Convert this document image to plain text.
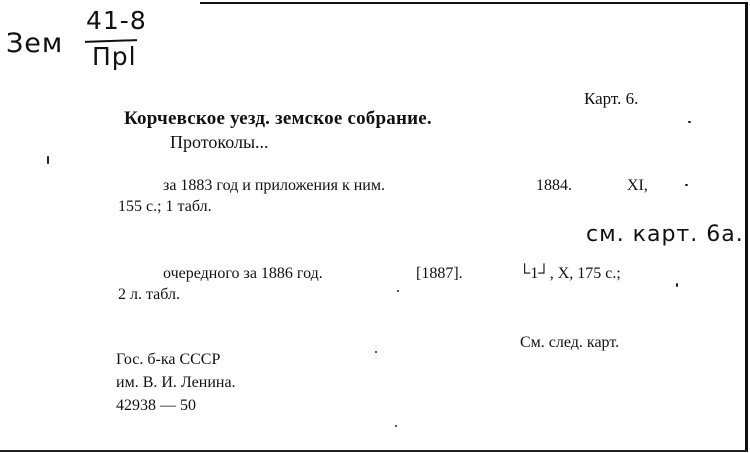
Зем
41-8
Прl
Карт. 6.
Корчевское уезд. земское собрание.
Протоколы...
за 1883 год и приложения к ним.	1884.	XI,
155 с.; 1 табл.
см. карт. 6а.
очередного за 1886 год.	[1887].	└1┘, X, 175 с.;
2 л. табл.
См. след. карт.
Гос. б-ка СССР
им. В. И. Ленина.
42938 — 50
